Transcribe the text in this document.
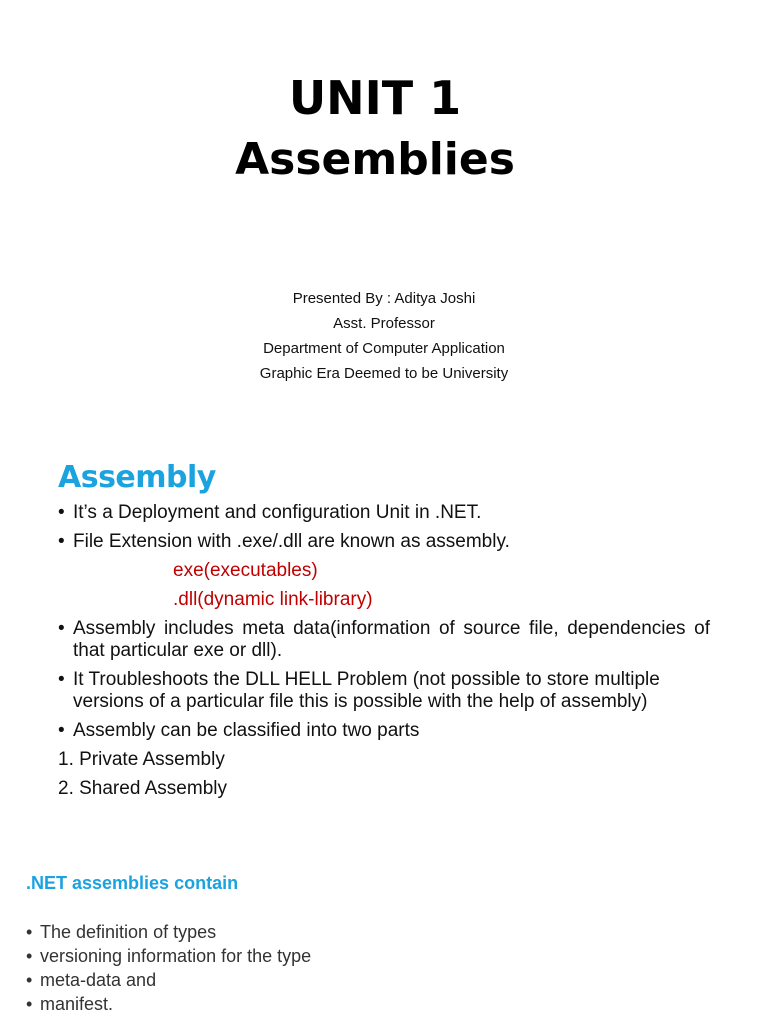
UNIT 1
Assemblies
Presented By : Aditya Joshi
Asst. Professor
Department of Computer Application
Graphic Era Deemed to be University
Assembly
• It’s a Deployment and configuration Unit in .NET.
• File Extension with .exe/.dll are known as assembly.
exe(executables)
.dll(dynamic link-library)
• Assembly includes meta data(information of source file, dependencies of that particular exe or dll).
• It Troubleshoots the DLL HELL Problem (not possible to store multiple versions of a particular file this is possible with the help of assembly)
• Assembly can be classified into two parts
1. Private Assembly
2. Shared Assembly
.NET assemblies contain
• The definition of types
• versioning information for the type
• meta-data and
• manifest.
